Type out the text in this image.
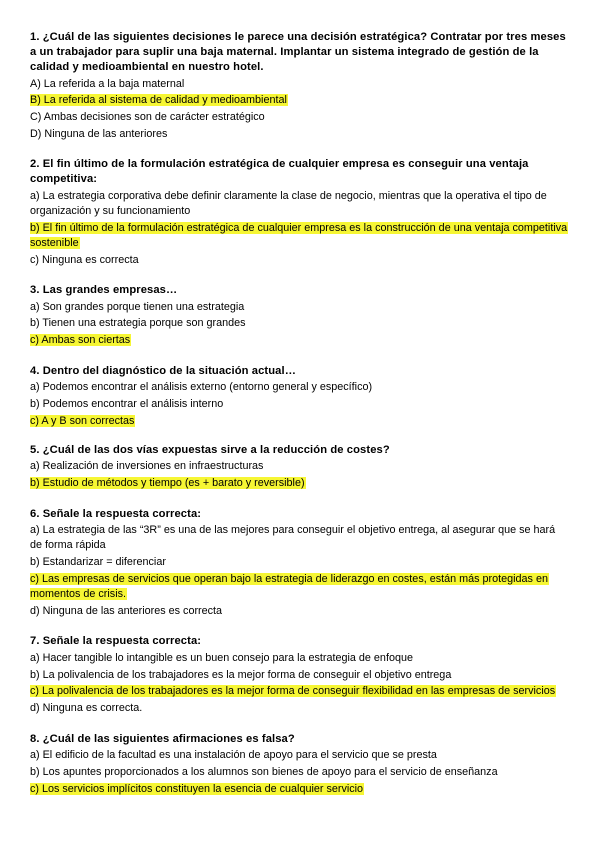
1. ¿Cuál de las siguientes decisiones le parece una decisión estratégica? Contratar por tres meses a un trabajador para suplir una baja maternal. Implantar un sistema integrado de gestión de la calidad y medioambiental en nuestro hotel.
A) La referida a la baja maternal
B) La referida al sistema de calidad y medioambiental
C) Ambas decisiones son de carácter estratégico
D) Ninguna de las anteriores
2. El fin último de la formulación estratégica de cualquier empresa es conseguir una ventaja competitiva:
a) La estrategia corporativa debe definir claramente la clase de negocio, mientras que la operativa el tipo de organización y su funcionamiento
b) El fin último de la formulación estratégica de cualquier empresa es la construcción de una ventaja competitiva sostenible
c) Ninguna es correcta
3. Las grandes empresas…
a) Son grandes porque tienen una estrategia
b) Tienen una estrategia porque son grandes
c) Ambas son ciertas
4. Dentro del diagnóstico de la situación actual…
a) Podemos encontrar el análisis externo (entorno general y específico)
b) Podemos encontrar el análisis interno
c) A y B son correctas
5. ¿Cuál de las dos vías expuestas sirve a la reducción de costes?
a) Realización de inversiones en infraestructuras
b) Estudio de métodos y tiempo (es + barato y reversible)
6. Señale la respuesta correcta:
a) La estrategia de las “3R” es una de las mejores para conseguir el objetivo entrega, al asegurar que se hará de forma rápida
b) Estandarizar = diferenciar
c) Las empresas de servicios que operan bajo la estrategia de liderazgo en costes, están más protegidas en momentos de crisis.
d) Ninguna de las anteriores es correcta
7. Señale la respuesta correcta:
a) Hacer tangible lo intangible es un buen consejo para la estrategia de enfoque
b) La polivalencia de los trabajadores es la mejor forma de conseguir el objetivo entrega
c) La polivalencia de los trabajadores es la mejor forma de conseguir flexibilidad en las empresas de servicios
d) Ninguna es correcta.
8. ¿Cuál de las siguientes afirmaciones es falsa?
a) El edificio de la facultad es una instalación de apoyo para el servicio que se presta
b) Los apuntes proporcionados a los alumnos son bienes de apoyo para el servicio de enseñanza
c) Los servicios implícitos constituyen la esencia de cualquier servicio
